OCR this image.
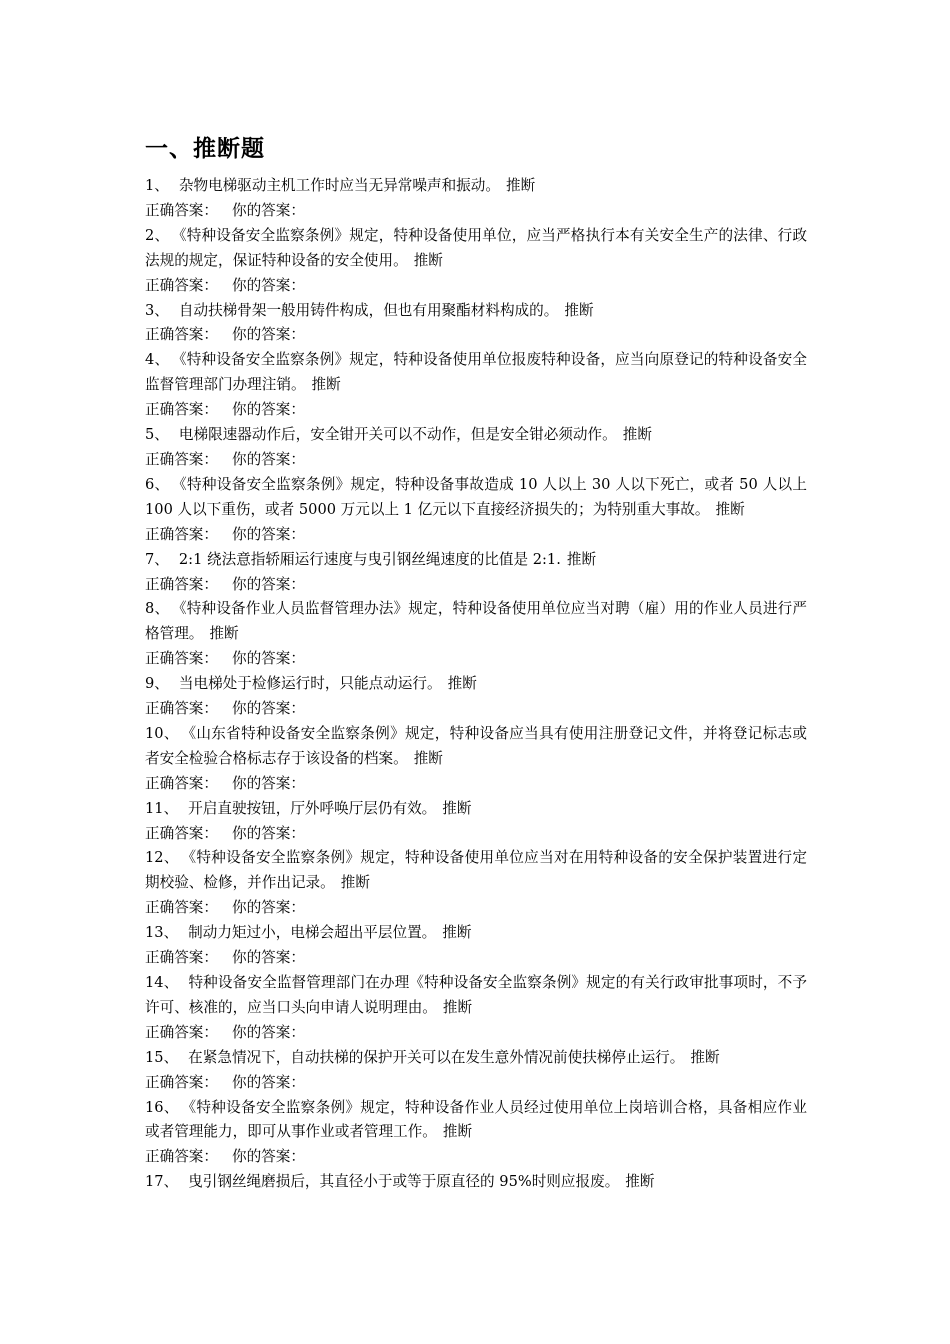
一、推断题

1、 杂物电梯驱动主机工作时应当无异常噪声和振动。 推断

正确答案： 你的答案：

2、 《特种设备安全监察条例》规定，特种设备使用单位，应当严格执行本有关安全生产的法律、行政法规的规定，保证特种设备的安全使用。 推断

正确答案： 你的答案：

3、 自动扶梯骨架一般用铸件构成，但也有用聚酯材料构成的。 推断

正确答案： 你的答案：

4、 《特种设备安全监察条例》规定，特种设备使用单位报废特种设备，应当向原登记的特种设备安全监督管理部门办理注销。 推断

正确答案： 你的答案：

5、 电梯限速器动作后，安全钳开关可以不动作，但是安全钳必须动作。 推断

正确答案： 你的答案：

6、 《特种设备安全监察条例》规定，特种设备事故造成 10 人以上 30 人以下死亡，或者 50 人以上 100 人以下重伤，或者 5000 万元以上 1 亿元以下直接经济损失的；为特别重大事故。 推断

正确答案： 你的答案：

7、 2:1 绕法意指轿厢运行速度与曳引钢丝绳速度的比值是 2:1. 推断

正确答案： 你的答案：

8、 《特种设备作业人员监督管理办法》规定，特种设备使用单位应当对聘（雇）用的作业人员进行严格管理。 推断

正确答案： 你的答案：

9、 当电梯处于检修运行时，只能点动运行。 推断

正确答案： 你的答案：

10、 《山东省特种设备安全监察条例》规定，特种设备应当具有使用注册登记文件，并将登记标志或者安全检验合格标志存于该设备的档案。 推断

正确答案： 你的答案：

11、 开启直驶按钮，厅外呼唤厅层仍有效。 推断

正确答案： 你的答案：

12、 《特种设备安全监察条例》规定，特种设备使用单位应当对在用特种设备的安全保护装置进行定期校验、检修，并作出记录。 推断

正确答案： 你的答案：

13、 制动力矩过小，电梯会超出平层位置。 推断

正确答案： 你的答案：

14、 特种设备安全监督管理部门在办理《特种设备安全监察条例》规定的有关行政审批事项时，不予许可、核准的，应当口头向申请人说明理由。 推断

正确答案： 你的答案：

15、 在紧急情况下，自动扶梯的保护开关可以在发生意外情况前使扶梯停止运行。 推断

正确答案： 你的答案：

16、 《特种设备安全监察条例》规定，特种设备作业人员经过使用单位上岗培训合格，具备相应作业或者管理能力，即可从事作业或者管理工作。 推断

正确答案： 你的答案：

17、 曳引钢丝绳磨损后，其直径小于或等于原直径的 95%时则应报废。 推断
